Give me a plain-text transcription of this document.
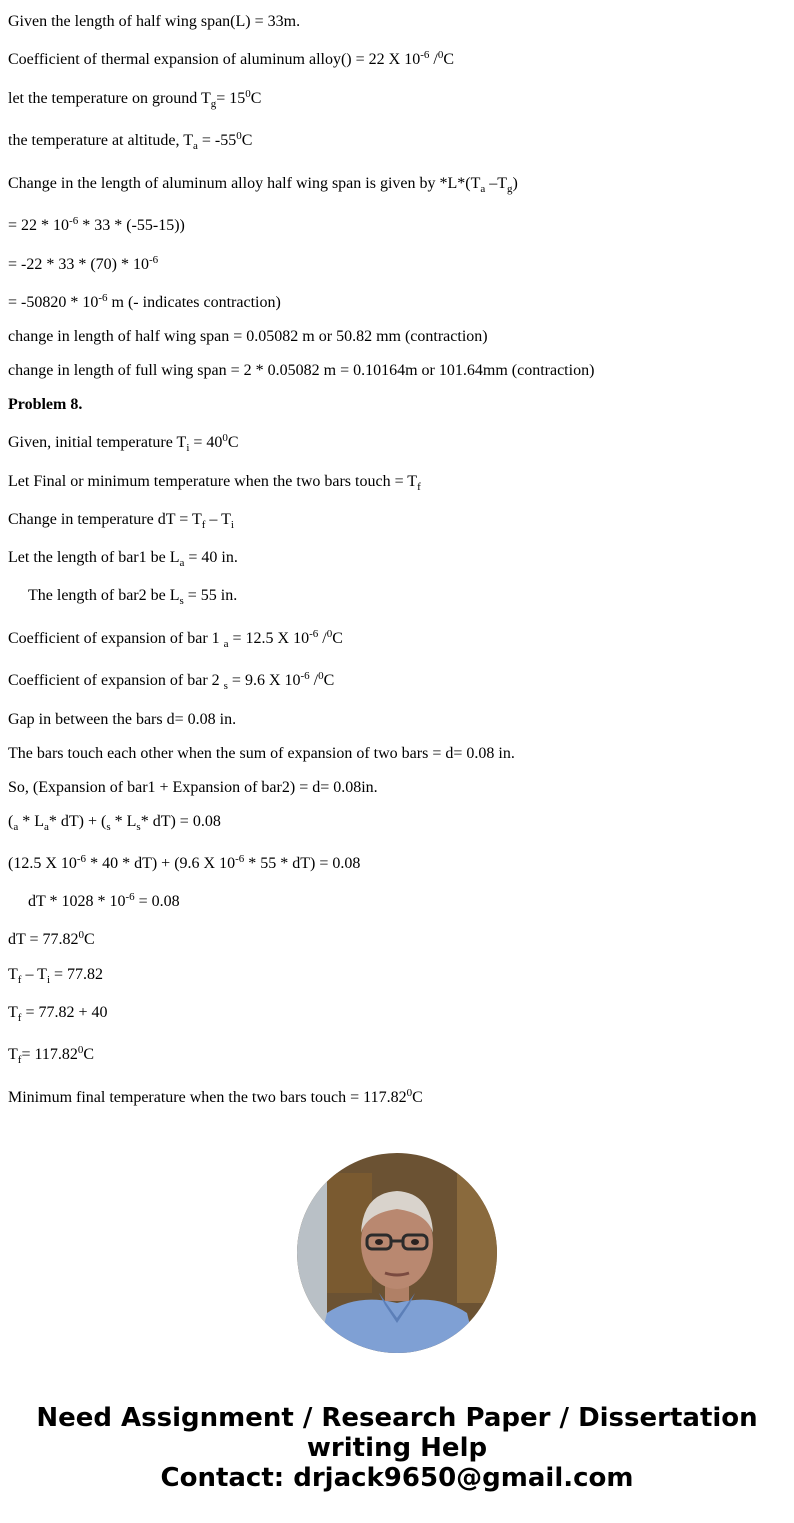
Given the length of half wing span(L) = 33m.
Coefficient of thermal expansion of aluminum alloy() = 22 X $10^{-6}$ /$^0$C
let the temperature on ground $T_g= 15^0C$
the temperature at altitude, $T_a = -55^0C$
Change in the length of aluminum alloy half wing span is given by $*L*(T_a$ $-T_g$)
= $22 * 10^{-6} * 33 * (-55-15)$)
= $-22 * 33 * (70) * 10^{-6}$
= $-50820 * 10^{-6}$ m (- indicates contraction)
change in length of half wing span = 0.05082 m or 50.82 mm (contraction)
change in length of full wing span = 2 * 0.05082 m = 0.10164m or 101.64mm (contraction)
Problem 8.
Given, initial temperature $T_i = 40^0C$
Let Final or minimum temperature when the two bars touch = $T_f$
Change in temperature dT = $T_f - T_i$
Let the length of bar1 be $L_a = 40$ in.
The length of bar2 be $L_s = 55$ in.
Coefficient of expansion of bar 1 $_a$ = 12.5 X $10^{-6}$ /$^0$C
Coefficient of expansion of bar 2 $_s$ = 9.6 X $10^{-6}$ /$^0$C
Gap in between the bars d= 0.08 in.
The bars touch each other when the sum of expansion of two bars = d= 0.08 in.
So, (Expansion of bar1 + Expansion of bar2) = d= 0.08in.
($_a * L_a*$ $dT) + (_s * L_s*$ dT) = 0.08
(12.5 X $10^{-6} * 40 * dT) + (9.6$ X $10^{-6} * 55 * dT) = 0.08$
dT * $1028 * 10^{-6} = 0.08$
dT = $77.82^0C$
$T_f - T_i = 77.82$
$T_f = 77.82 + 40$
$T_f= 117.82^0C$
Minimum final temperature when the two bars touch = $117.82^0C$
Need Assignment / Research Paper / Dissertation
writing Help
Contact: drjack9650@gmail.com
